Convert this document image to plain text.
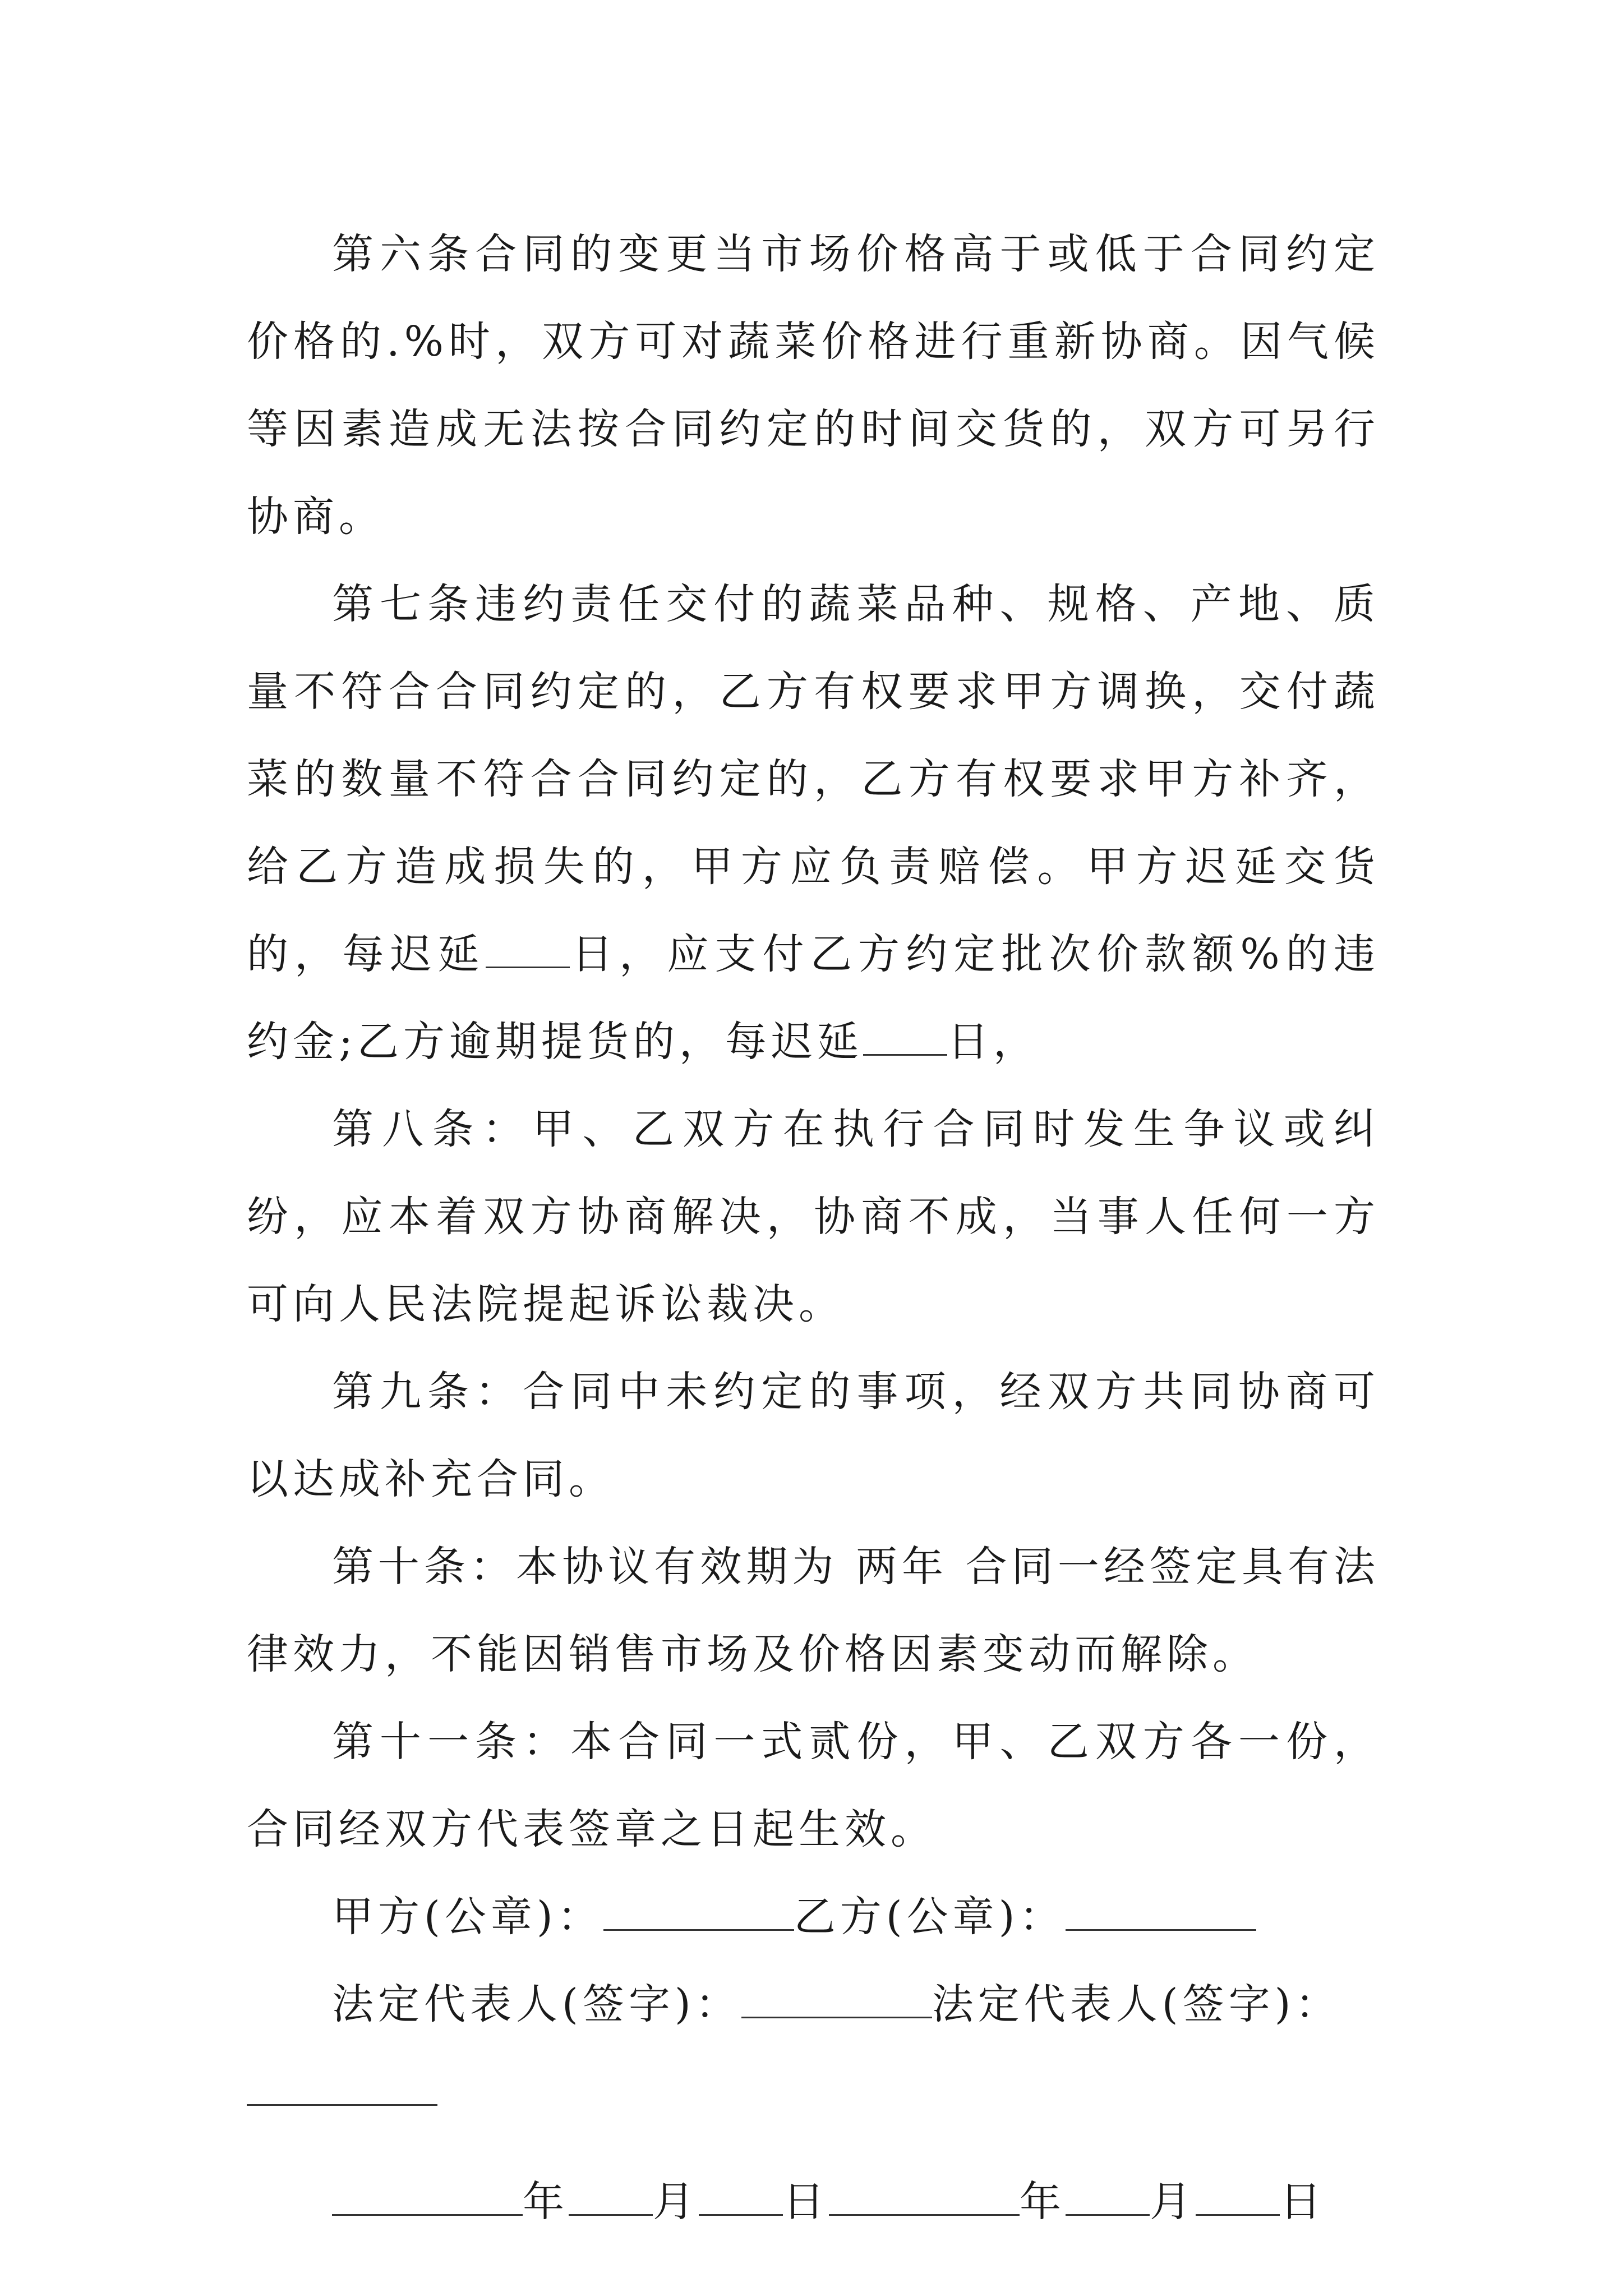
第六条合同的变更当市场价格高于或低于合同约定价格的.%时，双方可对蔬菜价格进行重新协商。因气候等因素造成无法按合同约定的时间交货的，双方可另行协商。

第七条违约责任交付的蔬菜品种、规格、产地、质量不符合合同约定的，乙方有权要求甲方调换，交付蔬菜的数量不符合合同约定的，乙方有权要求甲方补齐，给乙方造成损失的，甲方应负责赔偿。甲方迟延交货的，每迟延 日，应支付乙方约定批次价款额%的违约金;乙方逾期提货的，每迟延 日，

第八条：甲、乙双方在执行合同时发生争议或纠纷，应本着双方协商解决，协商不成，当事人任何一方可向人民法院提起诉讼裁决。

第九条：合同中未约定的事项，经双方共同协商可以达成补充合同。

第十条：本协议有效期为 两年 合同一经签定具有法律效力，不能因销售市场及价格因素变动而解除。

第十一条：本合同一式贰份，甲、乙双方各一份，合同经双方代表签章之日起生效。

甲方(公章)：	乙方(公章)：

法定代表人(签字)：	法定代表人(签字)：

年 月 日	年 月 日
